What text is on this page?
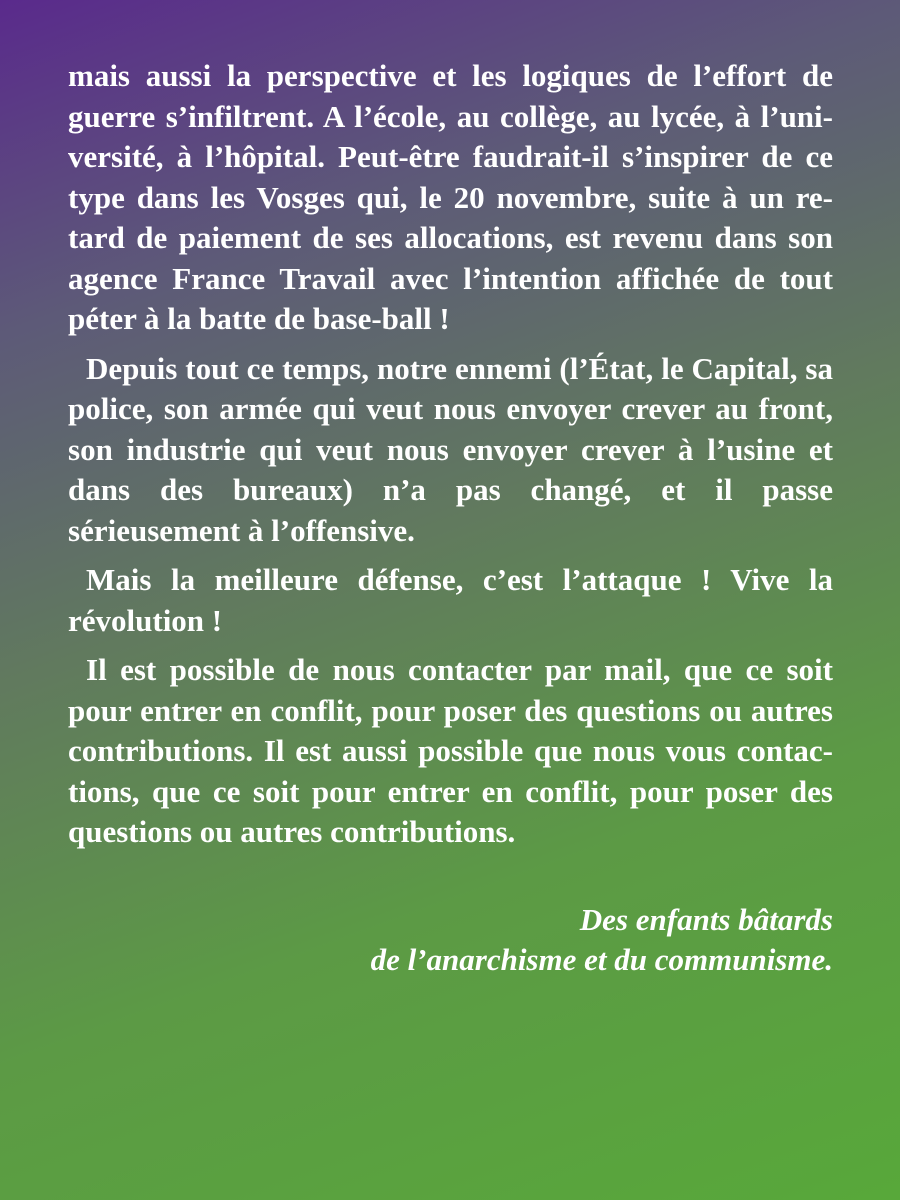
mais aussi la perspective et les logiques de l’effort de guerre s’infiltrent. A l’école, au collège, au lycée, à l’université, à l’hôpital. Peut-être faudrait-il s’inspirer de ce type dans les Vosges qui, le 20 novembre, suite à un retard de paiement de ses allocations, est revenu dans son agence France Travail avec l’intention affichée de tout péter à la batte de base-ball !

Depuis tout ce temps, notre ennemi (l’État, le Capital, sa police, son armée qui veut nous envoyer crever au front, son industrie qui veut nous envoyer crever à l’usine et dans des bureaux) n’a pas changé, et il passe sérieusement à l’offensive.

Mais la meilleure défense, c’est l’attaque ! Vive la révolution !

Il est possible de nous contacter par mail, que ce soit pour entrer en conflit, pour poser des questions ou autres contributions. Il est aussi possible que nous vous contactions, que ce soit pour entrer en conflit, pour poser des questions ou autres contributions.

Des enfants bâtards
de l’anarchisme et du communisme.
